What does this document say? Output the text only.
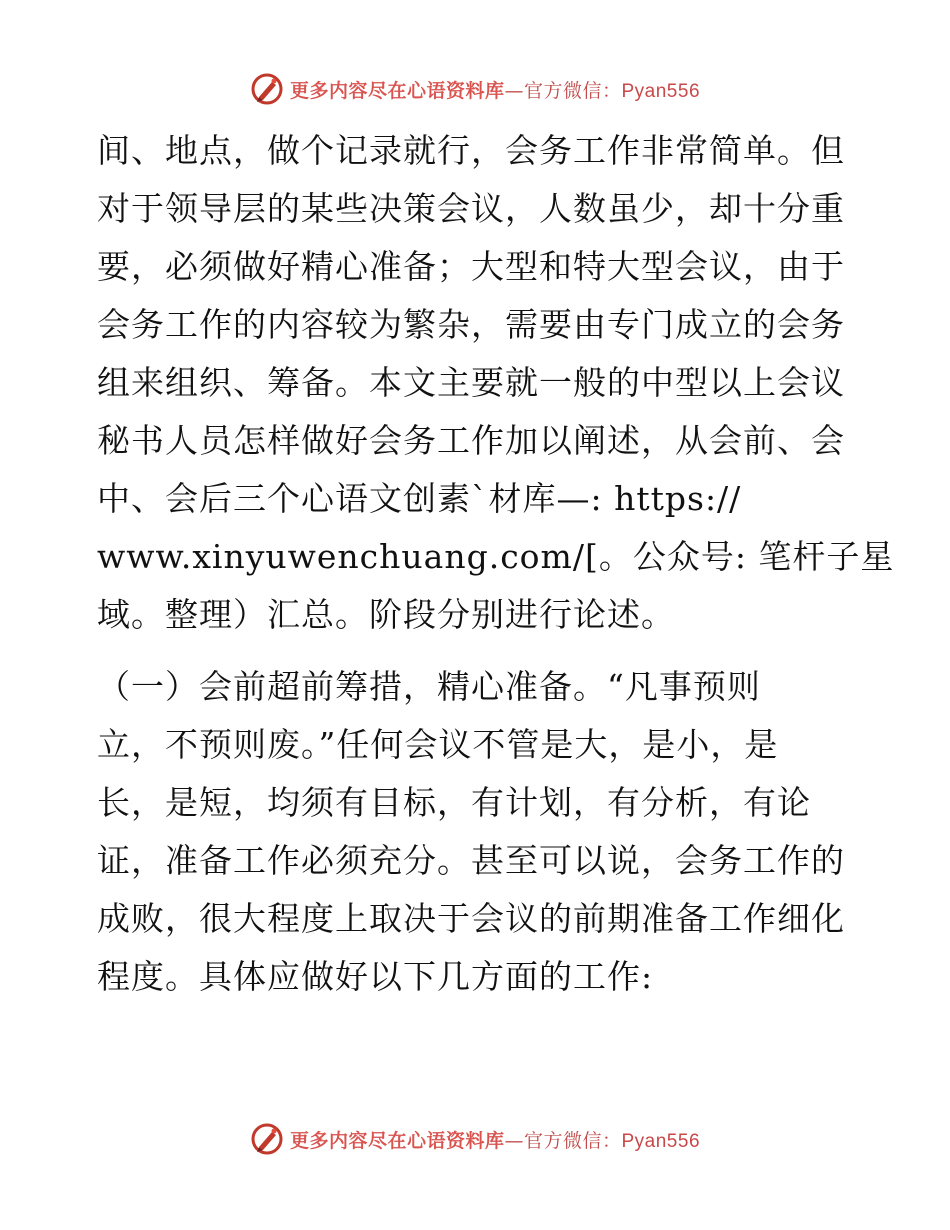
更多内容尽在心语资料库—官方微信：Pyan556
间、地点，做个记录就行，会务工作非常简单。但
对于领导层的某些决策会议，人数虽少，却十分重
要，必须做好精心准备；大型和特大型会议，由于
会务工作的内容较为繁杂，需要由专门成立的会务
组来组织、筹备。本文主要就一般的中型以上会议
秘书人员怎样做好会务工作加以阐述，从会前、会
中、会后三个心语文创素`材库—: https://
www.xinyuwenchuang.com/[。公众号: 笔杆子星
域。整理）汇总。阶段分别进行论述。
（一）会前超前筹措，精心准备。“凡事预则
立，不预则废。”任何会议不管是大，是小，是
长，是短，均须有目标，有计划，有分析，有论
证，准备工作必须充分。甚至可以说，会务工作的
成败，很大程度上取决于会议的前期准备工作细化
程度。具体应做好以下几方面的工作:
更多内容尽在心语资料库—官方微信：Pyan556
